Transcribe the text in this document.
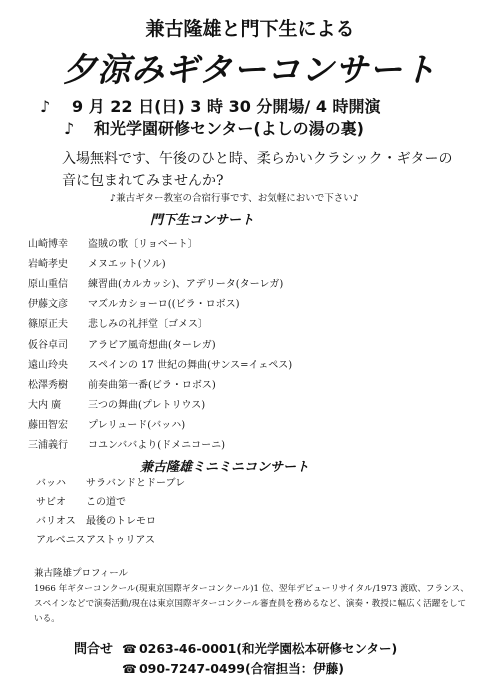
兼古隆雄と門下生による
夕涼みギターコンサート
♪ 9 月 22 日(日) 3 時 30 分開場/ 4 時開演
♪ 和光学園研修センター(よしの湯の裏)
入場無料です、午後のひと時、柔らかいクラシック・ギターの音に包まれてみませんか?
♪兼古ギター教室の合宿行事です、お気軽においで下さい♪
門下生コンサート
山崎博幸	盗賊の歌〔リョベート〕
岩崎孝史	メヌエット(ソル)
原山重信	練習曲(カルカッシ)、アデリータ(ターレガ)
伊藤文彦	マズルカショーロ((ビラ・ロボス)
篠原正夫	悲しみの礼拝堂〔ゴメス〕
仮谷卓司	アラビア風奇想曲(ターレガ)
遠山玲央	スペインの 17 世紀の舞曲(サンス=イェペス)
松澤秀樹	前奏曲第一番(ビラ・ロボス)
大内 廣	三つの舞曲(プレトリウス)
藤田智宏	プレリュード(バッハ)
三浦義行	コユンババより(ドメニコーニ)
兼古隆雄ミニミニコンサート
バッハ	サラバンドとドーブレ
サビオ	この道で
バリオス	最後のトレモロ
アルベニス アストゥリアス
兼古隆雄プロフィール
1966 年ギターコンクール(現東京国際ギターコンクール)1 位、翌年デビューリサイタル/1973 渡欧、フランス、スペインなどで演奏活動/現在は東京国際ギターコンクール審査員を務めるなど、演奏・教授に幅広く活躍をしている。
問合せ ☎ 0263-46-0001(和光学園松本研修センター)
☎ 090-7247-0499(合宿担当：伊藤)
